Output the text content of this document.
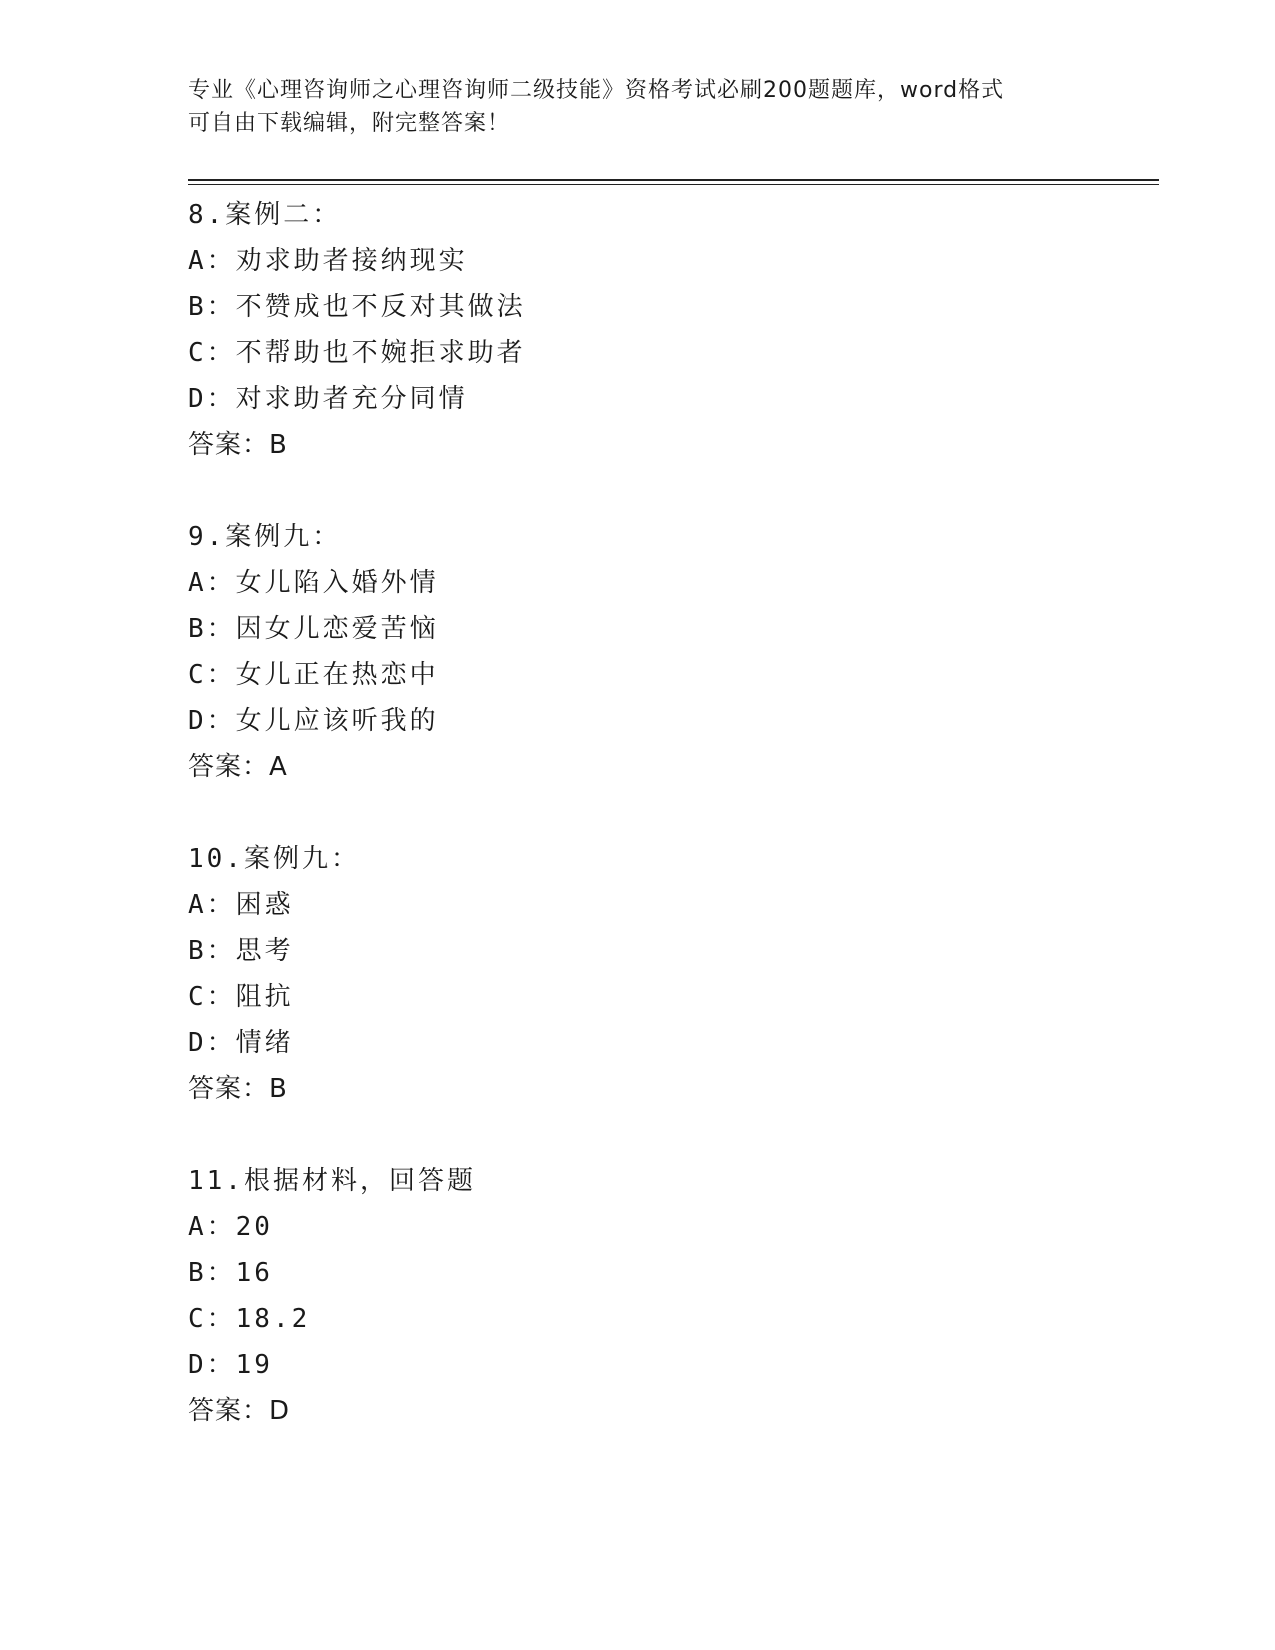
专业《心理咨询师之心理咨询师二级技能》资格考试必刷200题题库，word格式
可自由下载编辑，附完整答案！
8.案例二：
A：劝求助者接纳现实
B：不赞成也不反对其做法
C：不帮助也不婉拒求助者
D：对求助者充分同情
答案：B
9.案例九：
A：女儿陷入婚外情
B：因女儿恋爱苦恼
C：女儿正在热恋中
D：女儿应该听我的
答案：A
10.案例九：
A：困惑
B：思考
C：阻抗
D：情绪
答案：B
11.根据材料，回答题
A：20
B：16
C：18.2
D：19
答案：D
